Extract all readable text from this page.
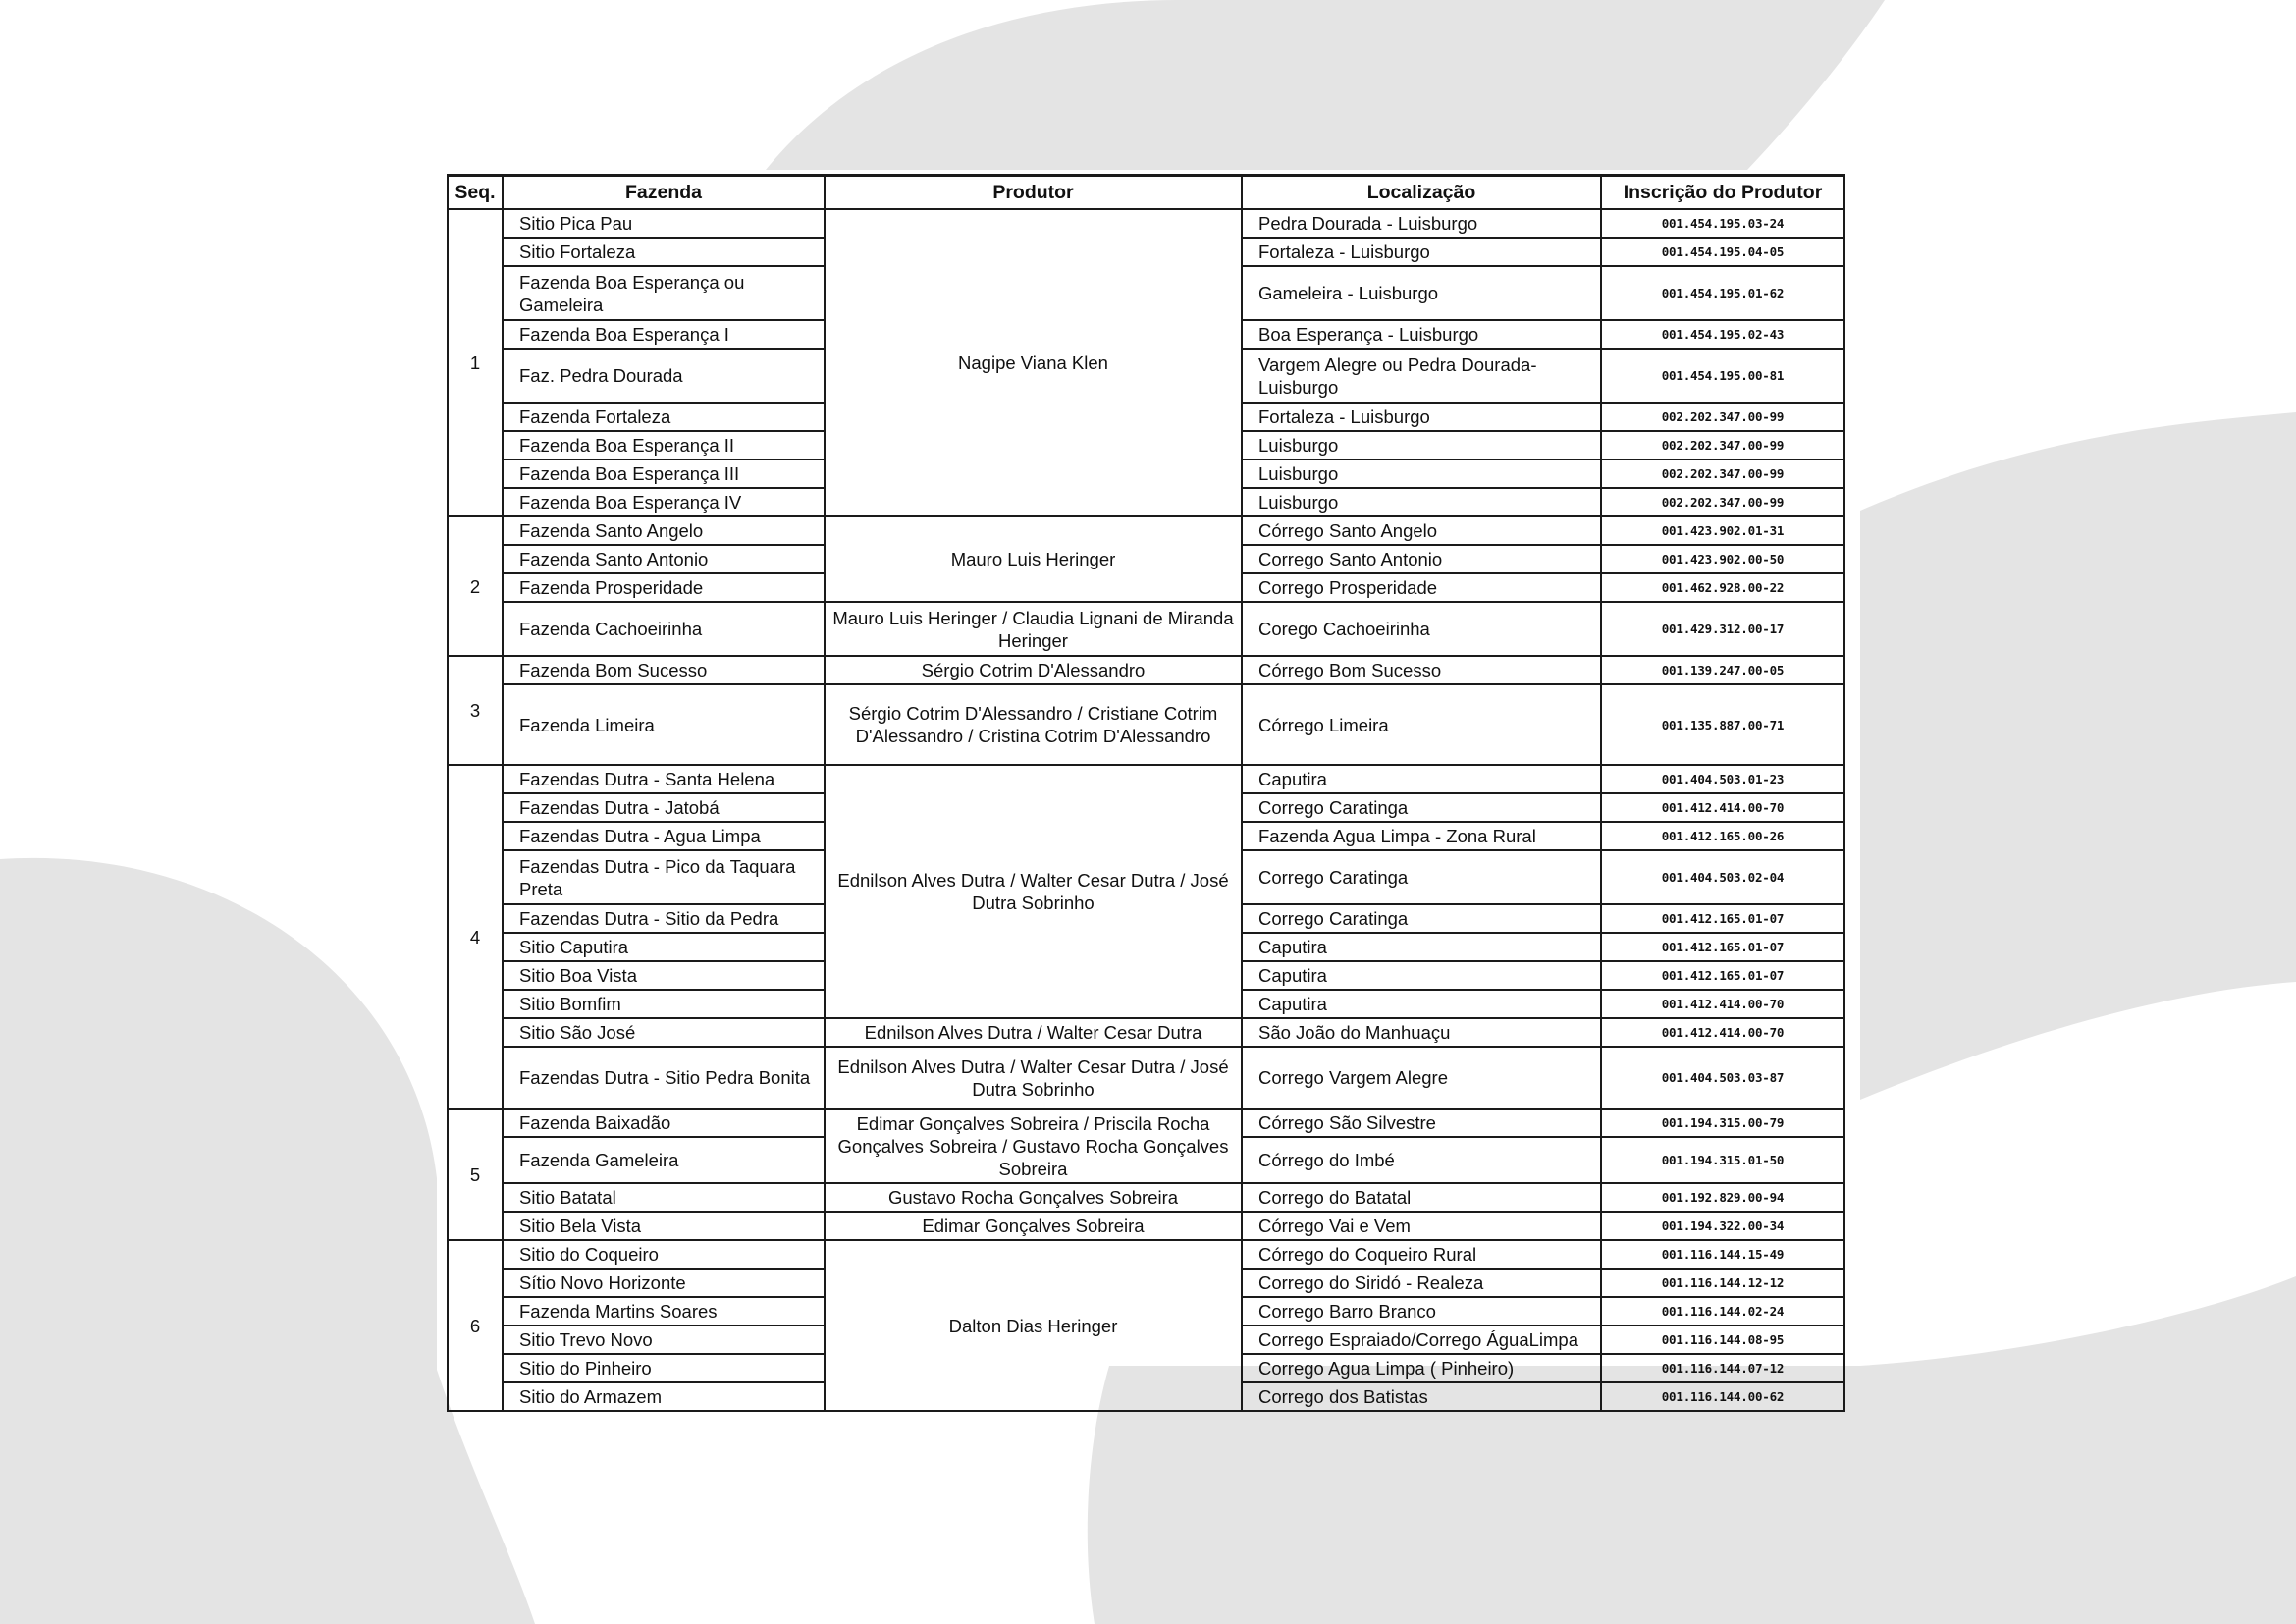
Seq.	Fazenda	Produtor	Localização	Inscrição do Produtor
1	Sitio Pica Pau	Nagipe Viana Klen	Pedra Dourada - Luisburgo	001.454.195.03-24
	Sitio Fortaleza		Fortaleza - Luisburgo	001.454.195.04-05
	Fazenda Boa Esperança ou Gameleira		Gameleira - Luisburgo	001.454.195.01-62
	Fazenda Boa Esperança I		Boa Esperança - Luisburgo	001.454.195.02-43
	Faz. Pedra Dourada		Vargem Alegre ou Pedra Dourada-Luisburgo	001.454.195.00-81
	Fazenda Fortaleza		Fortaleza - Luisburgo	002.202.347.00-99
	Fazenda Boa Esperança II		Luisburgo	002.202.347.00-99
	Fazenda Boa Esperança III		Luisburgo	002.202.347.00-99
	Fazenda Boa Esperança IV		Luisburgo	002.202.347.00-99
2	Fazenda Santo Angelo	Mauro Luis Heringer	Córrego Santo Angelo	001.423.902.01-31
	Fazenda Santo Antonio		Corrego Santo Antonio	001.423.902.00-50
	Fazenda Prosperidade		Corrego Prosperidade	001.462.928.00-22
	Fazenda Cachoeirinha	Mauro Luis Heringer / Claudia Lignani de Miranda Heringer	Corego Cachoeirinha	001.429.312.00-17
3	Fazenda Bom Sucesso	Sérgio Cotrim D'Alessandro	Córrego Bom Sucesso	001.139.247.00-05
	Fazenda Limeira	Sérgio Cotrim D'Alessandro / Cristiane Cotrim D'Alessandro / Cristina Cotrim D'Alessandro	Córrego Limeira	001.135.887.00-71
4	Fazendas Dutra - Santa Helena	Ednilson Alves Dutra / Walter Cesar Dutra / José Dutra Sobrinho	Caputira	001.404.503.01-23
	Fazendas Dutra - Jatobá		Corrego Caratinga	001.412.414.00-70
	Fazendas Dutra - Agua Limpa		Fazenda Agua Limpa - Zona Rural	001.412.165.00-26
	Fazendas Dutra - Pico da Taquara Preta		Corrego Caratinga	001.404.503.02-04
	Fazendas Dutra - Sitio da Pedra		Corrego Caratinga	001.412.165.01-07
	Sitio Caputira		Caputira	001.412.165.01-07
	Sitio Boa Vista		Caputira	001.412.165.01-07
	Sitio Bomfim		Caputira	001.412.414.00-70
	Sitio São José	Ednilson Alves Dutra / Walter Cesar Dutra	São João do Manhuaçu	001.412.414.00-70
	Fazendas Dutra - Sitio Pedra Bonita	Ednilson Alves Dutra / Walter Cesar Dutra / José Dutra Sobrinho	Corrego Vargem Alegre	001.404.503.03-87
5	Fazenda Baixadão	Edimar Gonçalves Sobreira / Priscila Rocha Gonçalves Sobreira / Gustavo Rocha Gonçalves Sobreira	Córrego São Silvestre	001.194.315.00-79
	Fazenda Gameleira		Córrego do Imbé	001.194.315.01-50
	Sitio Batatal	Gustavo Rocha Gonçalves Sobreira	Corrego do Batatal	001.192.829.00-94
	Sitio Bela Vista	Edimar Gonçalves Sobreira	Córrego Vai e Vem	001.194.322.00-34
6	Sitio do Coqueiro	Dalton Dias Heringer	Córrego do Coqueiro Rural	001.116.144.15-49
	Sítio Novo Horizonte		Corrego do Siridó - Realeza	001.116.144.12-12
	Fazenda Martins Soares		Corrego Barro Branco	001.116.144.02-24
	Sitio Trevo Novo		Corrego Espraiado/Corrego ÁguaLimpa	001.116.144.08-95
	Sitio do Pinheiro		Corrego Agua Limpa ( Pinheiro)	001.116.144.07-12
	Sitio do Armazem		Corrego dos Batistas	001.116.144.00-62
